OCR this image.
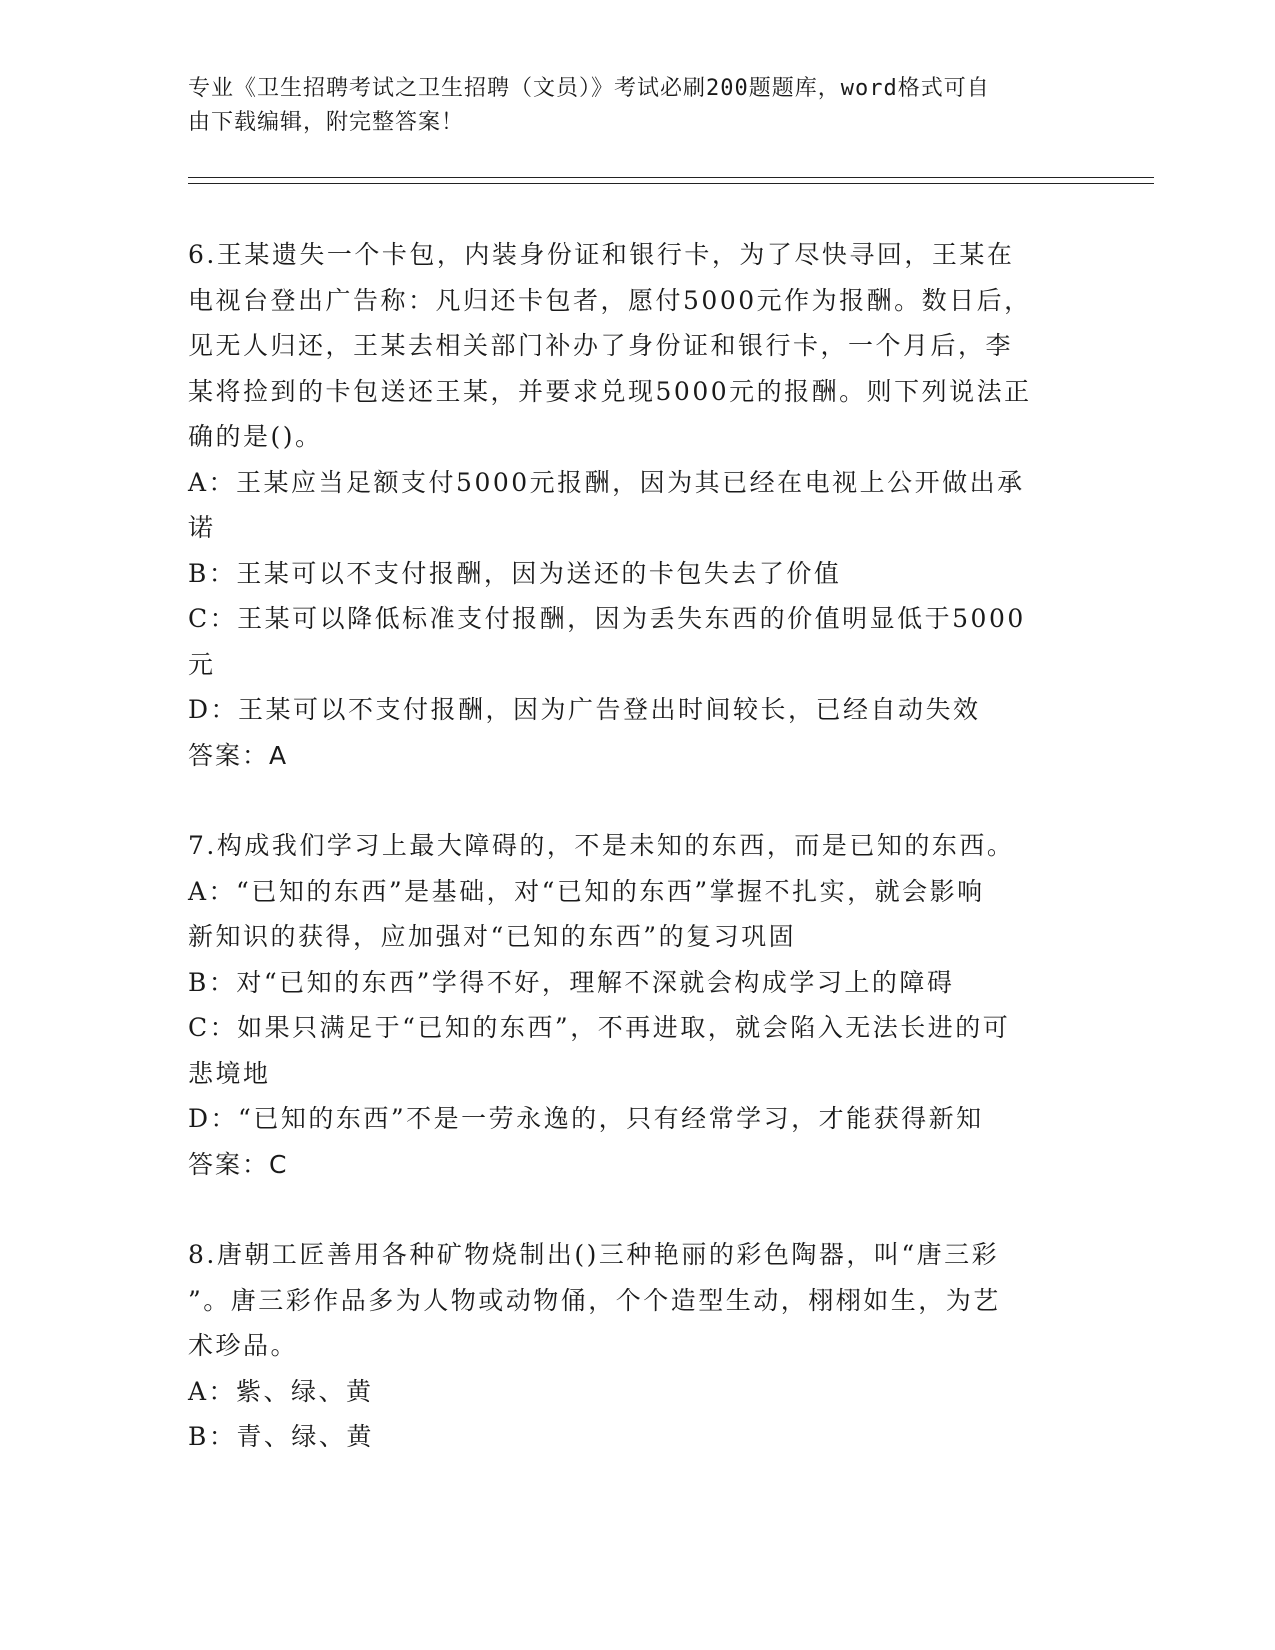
专业《卫生招聘考试之卫生招聘（文员）》考试必刷200题题库，word格式可自
由下载编辑，附完整答案！

6.王某遗失一个卡包，内装身份证和银行卡，为了尽快寻回，王某在

电视台登出广告称：凡归还卡包者，愿付5000元作为报酬。数日后，

见无人归还，王某去相关部门补办了身份证和银行卡，一个月后，李

某将捡到的卡包送还王某，并要求兑现5000元的报酬。则下列说法正

确的是()。

A：王某应当足额支付5000元报酬，因为其已经在电视上公开做出承

诺

B：王某可以不支付报酬，因为送还的卡包失去了价值

C：王某可以降低标准支付报酬，因为丢失东西的价值明显低于5000

元

D：王某可以不支付报酬，因为广告登出时间较长，已经自动失效

答案：A

7.构成我们学习上最大障碍的，不是未知的东西，而是已知的东西。

A：“已知的东西”是基础，对“已知的东西”掌握不扎实，就会影响

新知识的获得，应加强对“已知的东西”的复习巩固

B：对“已知的东西”学得不好，理解不深就会构成学习上的障碍

C：如果只满足于“已知的东西”，不再进取，就会陷入无法长进的可

悲境地

D：“已知的东西”不是一劳永逸的，只有经常学习，才能获得新知

答案：C

8.唐朝工匠善用各种矿物烧制出()三种艳丽的彩色陶器，叫“唐三彩

”。唐三彩作品多为人物或动物俑，个个造型生动，栩栩如生，为艺

术珍品。

A：紫、绿、黄

B：青、绿、黄
